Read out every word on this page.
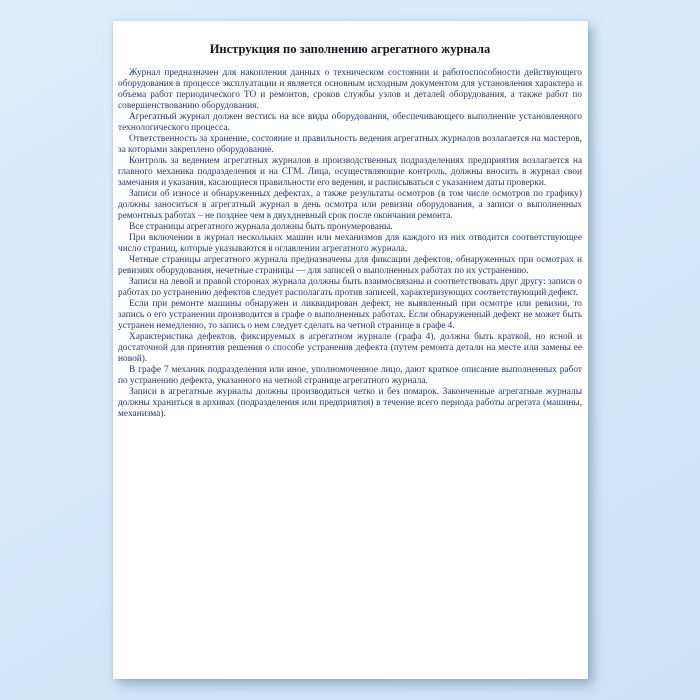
Инструкция по заполнению агрегатного журнала

Журнал предназначен для накопления данных о техническом состоянии и работоспособности действующего оборудования в процессе эксплуатации и является основным исходным документом для установления характера и объема работ периодического ТО и ремонтов, сроков службы узлов и деталей оборудования, а также работ по совершенствованию оборудования.

Агрегатный журнал должен вестись на все виды оборудования, обеспечивающего выполнение установленного технологического процесса.

Ответственность за хранение, состояние и правильность ведения агрегатных журналов возлагается на мастеров, за которыми закреплено оборудование.

Контроль за ведением агрегатных журналов в производственных подразделениях предприятия возлагается на главного механика подразделения и на СГМ. Лица, осуществляющие контроль, должны вносить в журнал свои замечания и указания, касающиеся правильности его ведения, и расписываться с указанием даты проверки.

Записи об износе и обнаруженных дефектах, а также результаты осмотров (в том числе осмотров по графику) должны заноситься в агрегатный журнал в день осмотра или ревизии оборудования, а записи о выполненных ремонтных работах – не позднее чем в двухдневный срок после окончания ремонта.

Все страницы агрегатного журнала должны быть пронумерованы.

При включении в журнал нескольких машин или механизмов для каждого из них отводится соответствующее число страниц, которые указываются в оглавлении агрегатного журнала.

Четные страницы агрегатного журнала предназначены для фиксации дефектов, обнаруженных при осмотрах и ревизиях оборудования, нечетные страницы — для записей о выполненных работах по их устранению.

Записи на левой и правой сторонах журнала должны быть взаимосвязаны и соответствовать друг другу: записи о работах по устранению дефектов следует располагать против записей, характеризующих соответствующий дефект.

Если при ремонте машины обнаружен и ликвидирован дефект, не выявленный при осмотре или ревизии, то запись о его устранении производится в графе о выполненных работах. Если обнаруженный дефект не может быть устранен немедленно, то запись о нем следует сделать на четной странице в графе 4.

Характеристика дефектов, фиксируемых в агрегатном журнале (графа 4), должна быть краткой, но ясной и достаточной для принятия решения о способе устранения дефекта (путем ремонта детали на месте или замены ее новой).

В графе 7 механик подразделения или иное, уполномоченное лицо, дают краткое описание выполненных работ по устранению дефекта, указанного на четной странице агрегатного журнала.

Записи в агрегатные журналы должны производиться четко и без помарок. Законченные агрегатные журналы должны храниться в архивах (подразделения или предприятия) в течение всего периода работы агрегата (машины, механизма).
